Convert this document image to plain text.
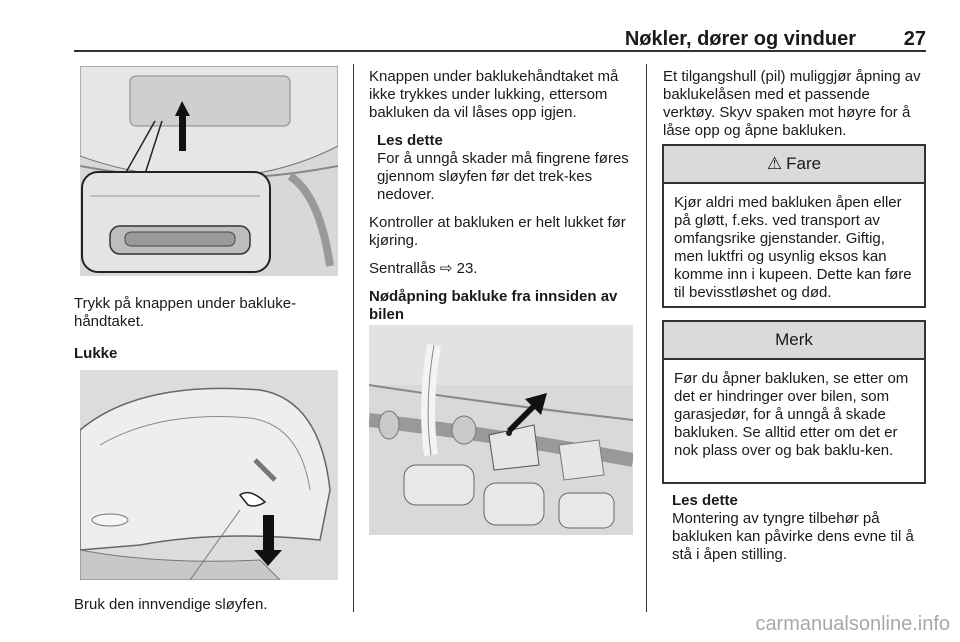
Nøkler, dører og vinduer 27

Trykk på knappen under bakluke-håndtaket.

Lukke

Bruk den innvendige sløyfen.

Knappen under baklukehåndtaket må ikke trykkes under lukking, ettersom bakluken da vil låses opp igjen.

Les dette
For å unngå skader må fingrene føres gjennom sløyfen før det trek-kes nedover.

Kontroller at bakluken er helt lukket før kjøring.

Sentrallås ⇨ 23.

Nødåpning bakluke fra innsiden av bilen

Et tilgangshull (pil) muliggjør åpning av baklukelåsen med et passende verktøy. Skyv spaken mot høyre for å låse opp og åpne bakluken.

⚠ Fare
Kjør aldri med bakluken åpen eller på gløtt, f.eks. ved transport av omfangsrike gjenstander. Giftig, men luktfri og usynlig eksos kan komme inn i kupeen. Dette kan føre til bevisstløshet og død.
Merk
Før du åpner bakluken, se etter om det er hindringer over bilen, som garasjedør, for å unngå å skade bakluken. Se alltid etter om det er nok plass over og bak baklu-ken.
Les dette
Montering av tyngre tilbehør på bakluken kan påvirke dens evne til å stå i åpen stilling.
carmanualsonline.info
